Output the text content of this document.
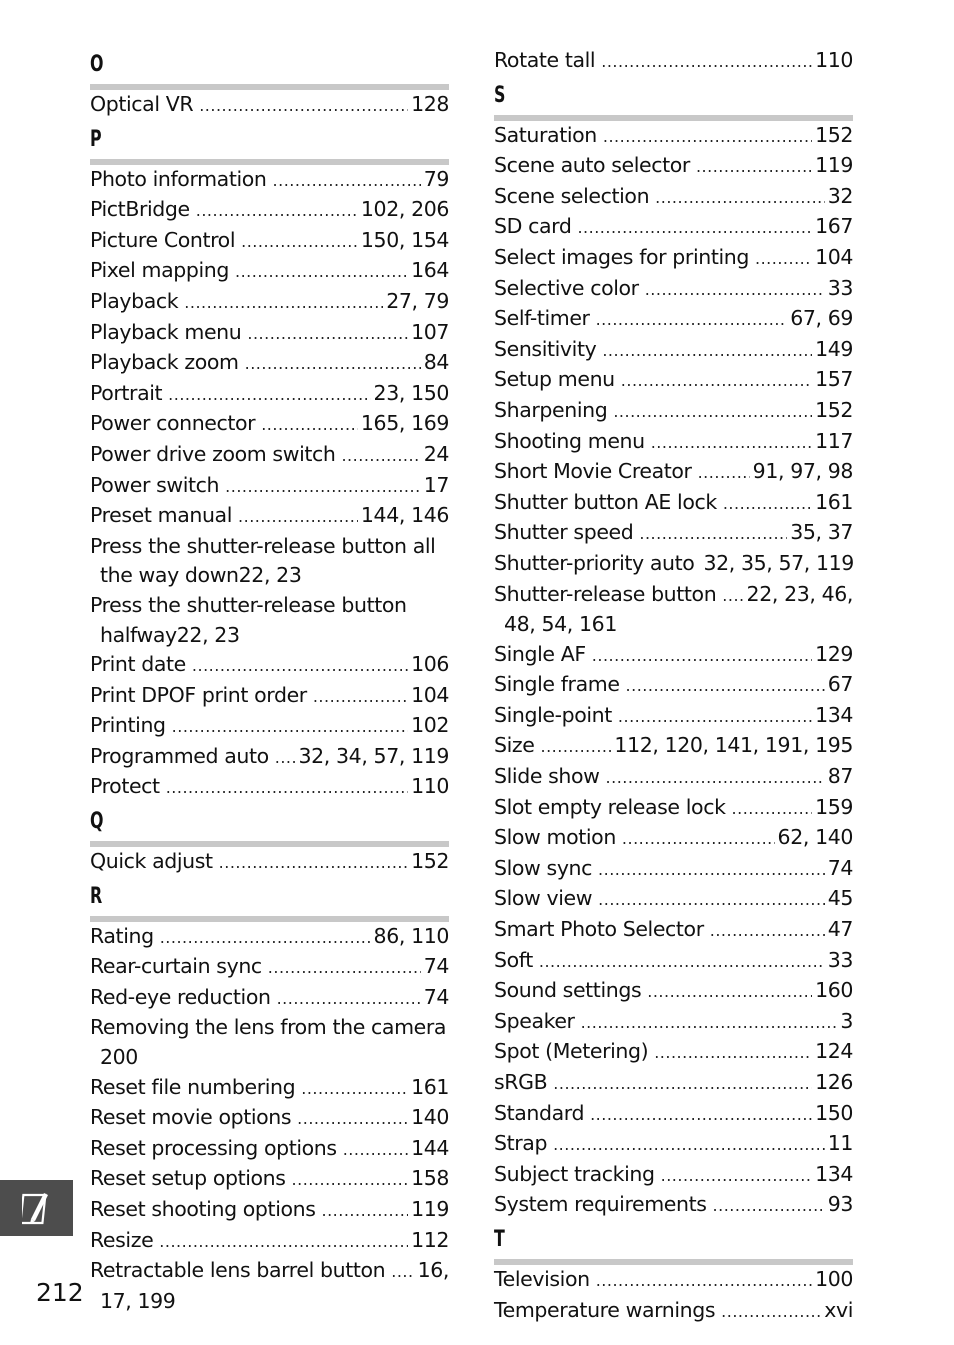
O
Optical VR .....	128
P
Photo information .....	79
PictBridge .....	102, 206
Picture Control .....	150, 154
Pixel mapping .....	164
Playback .....	27, 79
Playback menu .....	107
Playback zoom .....	84
Portrait .....	23, 150
Power connector .....	165, 169
Power drive zoom switch .....	24
Power switch .....	17
Preset manual .....	144, 146
Press the shutter-release button all
the way down 22, 23
Press the shutter-release button
halfway 22, 23
Print date .....	106
Print DPOF print order .....	104
Printing .....	102
Programmed auto ..... 32, 34, 57, 119
Protect .....	110
Q
Quick adjust .....	152
R
Rating .....	86, 110
Rear-curtain sync .....	74
Red-eye reduction .....	74
Removing the lens from the camera
200
Reset file numbering .....	161
Reset movie options .....	140
Reset processing options .....	144
Reset setup options .....	158
Reset shooting options .....	119
Resize .....	112
Retractable lens barrel button ..... 16,
17, 199
Rotate tall .....	110
S
Saturation .....	152
Scene auto selector .....	119
Scene selection .....	32
SD card .....	167
Select images for printing .....	104
Selective color .....	33
Self-timer .....	67, 69
Sensitivity .....	149
Setup menu .....	157
Sharpening .....	152
Shooting menu .....	117
Short Movie Creator .....	91, 97, 98
Shutter button AE lock .....	161
Shutter speed .....	35, 37
Shutter-priority auto 32, 35, 57, 119
Shutter-release button ..... 22, 23, 46,
48, 54, 161
Single AF .....	129
Single frame .....	67
Single-point .....	134
Size .....	112, 120, 141, 191, 195
Slide show .....	87
Slot empty release lock .....	159
Slow motion .....	62, 140
Slow sync .....	74
Slow view .....	45
Smart Photo Selector .....	47
Soft .....	33
Sound settings .....	160
Speaker .....	3
Spot (Metering) .....	124
sRGB .....	126
Standard .....	150
Strap .....	11
Subject tracking .....	134
System requirements .....	93
T
Television .....	100
Temperature warnings .....	xvi
212
